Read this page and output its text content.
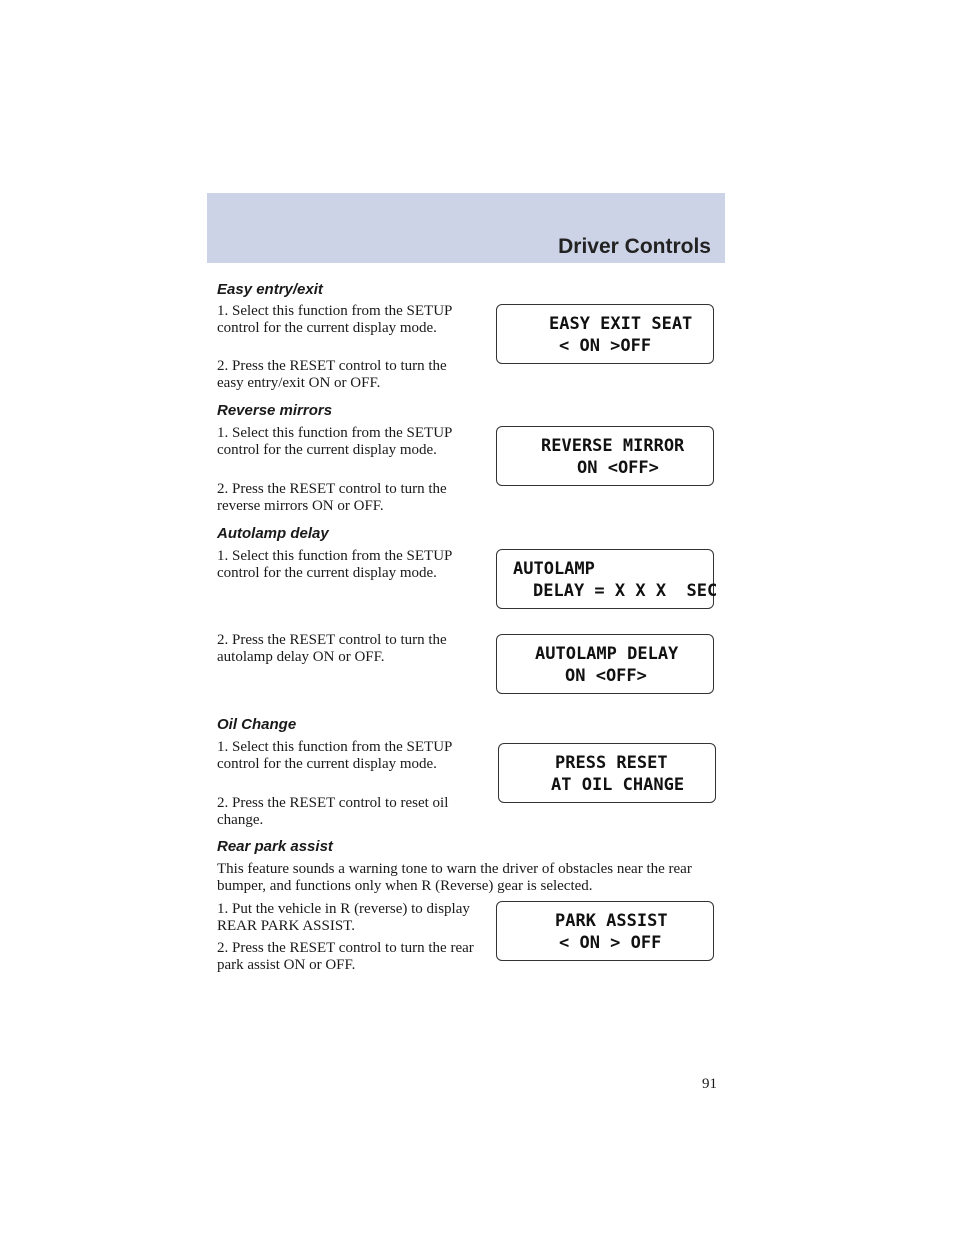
Driver Controls
Easy entry/exit
1. Select this function from the SETUP control for the current display mode.
2. Press the RESET control to turn the easy entry/exit ON or OFF.
EASY EXIT SEAT
< ON >OFF
Reverse mirrors
1. Select this function from the SETUP control for the current display mode.
2. Press the RESET control to turn the reverse mirrors ON or OFF.
REVERSE MIRROR
ON <OFF>
Autolamp delay
1. Select this function from the SETUP control for the current display mode.
2. Press the RESET control to turn the autolamp delay ON or OFF.
AUTOLAMP
DELAY = X X X  SEC
AUTOLAMP DELAY
ON <OFF>
Oil Change
1. Select this function from the SETUP control for the current display mode.
2. Press the RESET control to reset oil change.
PRESS RESET
AT OIL CHANGE
Rear park assist
This feature sounds a warning tone to warn the driver of obstacles near the rear bumper, and functions only when R (Reverse) gear is selected.
1. Put the vehicle in R (reverse) to display REAR PARK ASSIST.
2. Press the RESET control to turn the rear park assist ON or OFF.
PARK ASSIST
< ON > OFF
91
